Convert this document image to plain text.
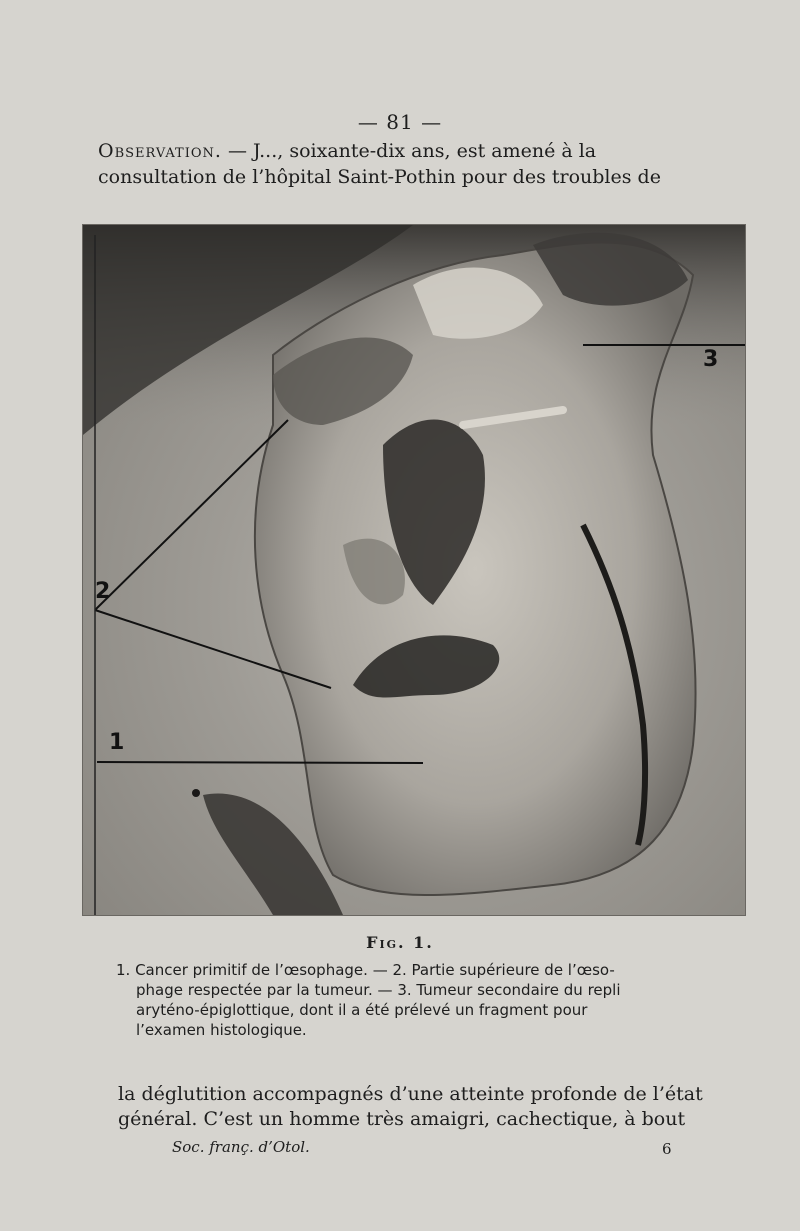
— 81 —
Observation. — J..., soixante-dix ans, est amené à la
consultation de l’hôpital Saint-Pothin pour des troubles de
2
1
3
Fig. 1.
1. Cancer primitif de l’œsophage. — 2. Partie supérieure de l’œso-
phage respectée par la tumeur. — 3. Tumeur secondaire du repli
aryténo-épiglottique, dont il a été prélevé un fragment pour
l’examen histologique.
la déglutition accompagnés d’une atteinte profonde de l’état
général. C’est un homme très amaigri, cachectique, à bout
Soc. franç. d’Otol.	6
